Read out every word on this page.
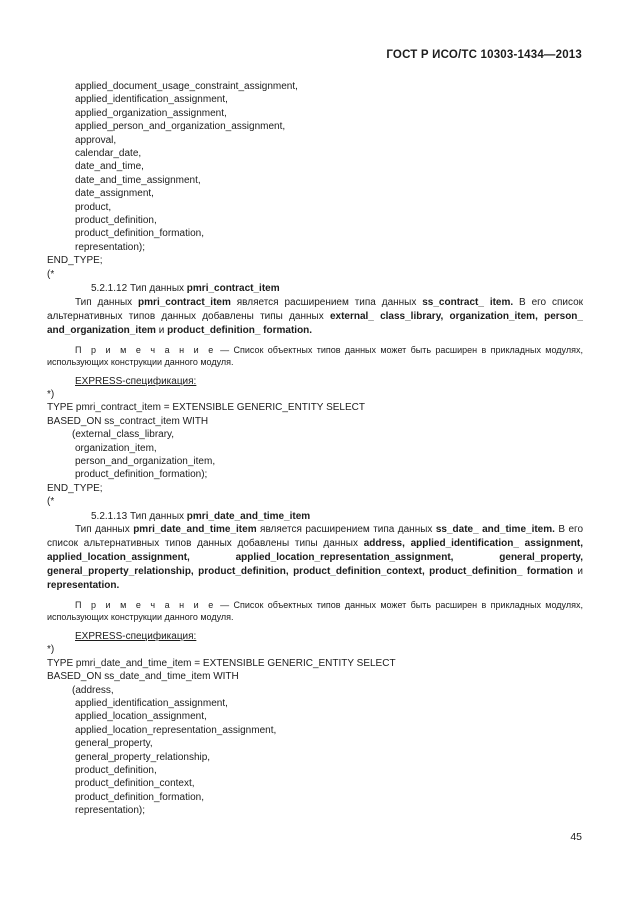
ГОСТ Р ИСО/ТС 10303-1434—2013
applied_document_usage_constraint_assignment,
applied_identification_assignment,
applied_organization_assignment,
applied_person_and_organization_assignment,
approval,
calendar_date,
date_and_time,
date_and_time_assignment,
date_assignment,
product,
product_definition,
product_definition_formation,
representation);
END_TYPE;
(*
5.2.1.12 Тип данных pmri_contract_item

Тип данных pmri_contract_item является расширением типа данных ss_contract_ item. В его список альтернативных типов данных добавлены типы данных external_ class_library, organization_item, person_ and_organization_item и product_definition_ formation.

П р и м е ч а н и е — Список объектных типов данных может быть расширен в прикладных модулях, использующих конструкции данного модуля.

EXPRESS-спецификация:
*)
TYPE pmri_contract_item = EXTENSIBLE GENERIC_ENTITY SELECT
BASED_ON ss_contract_item WITH
(external_class_library,
organization_item,
person_and_organization_item,
product_definition_formation);
END_TYPE;
(*
5.2.1.13 Тип данных pmri_date_and_time_item

Тип данных pmri_date_and_time_item является расширением типа данных ss_date_ and_time_item. В его список альтернативных типов данных добавлены типы данных address, applied_identification_ assignment, applied_location_assignment, applied_location_representation_assignment, general_property, general_property_relationship, product_definition, product_definition_context, product_definition_ formation и representation.

П р и м е ч а н и е — Список объектных типов данных может быть расширен в прикладных модулях, использующих конструкции данного модуля.

EXPRESS-спецификация:
*)
TYPE pmri_date_and_time_item = EXTENSIBLE GENERIC_ENTITY SELECT
BASED_ON ss_date_and_time_item WITH
(address,
applied_identification_assignment,
applied_location_assignment,
applied_location_representation_assignment,
general_property,
general_property_relationship,
product_definition,
product_definition_context,
product_definition_formation,
representation);
45
